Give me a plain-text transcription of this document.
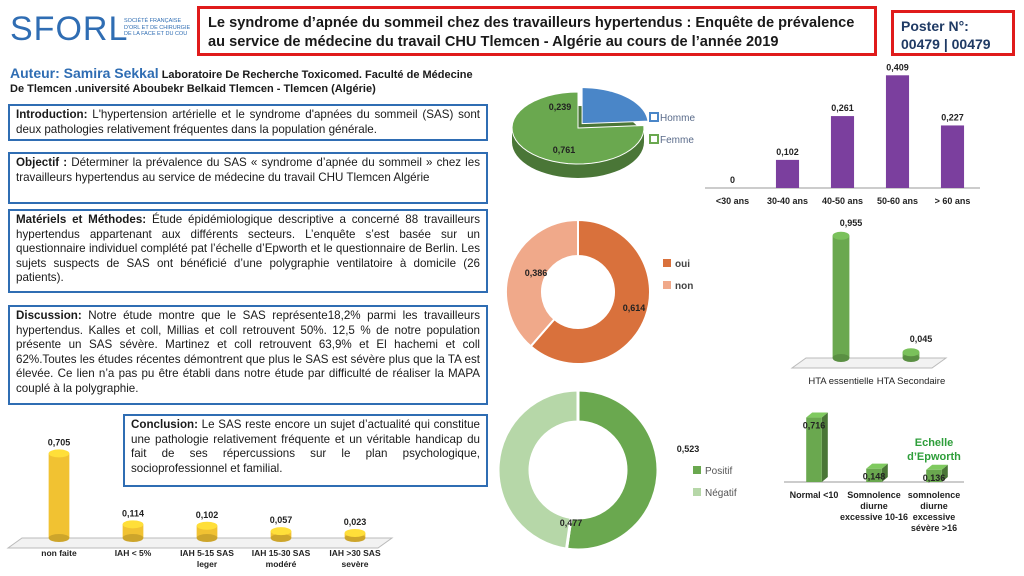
SFORL
SOCIÉTÉ FRANÇAISE
D'ORL ET DE CHIRURGIE
DE LA FACE ET DU COU
Le syndrome d’apnée du sommeil chez des travailleurs hypertendus : Enquête de prévalence au service de médecine du travail CHU Tlemcen - Algérie au cours de l’année 2019
Poster N°:
00479 | 00479
Auteur: Samira Sekkal Laboratoire De Recherche Toxicomed. Faculté de Médecine De Tlemcen .université Aboubekr Belkaid Tlemcen - Tlemcen (Algérie)
Introduction: L'hypertension artérielle et le syndrome d'apnées du sommeil (SAS) sont deux pathologies relativement fréquentes dans la population générale.
Objectif : Déterminer la prévalence du SAS « syndrome d’apnée du sommeil » chez les travailleurs hypertendus au service de médecine du travail CHU Tlemcen Algérie
Matériels et Méthodes: Étude épidémiologique descriptive a concerné 88 travailleurs hypertendus appartenant aux différents secteurs. L’enquête s’est basée sur un questionnaire individuel complété pat l’échelle d’Epworth et le questionnaire de Berlin. Les sujets suspects de SAS ont bénéficié d’une polygraphie ventilatoire à domicile (26 patients).
Discussion: Notre étude montre que le SAS représente18,2% parmi les travailleurs hypertendus. Kalles et coll, Millias et coll retrouvent 50%. 12,5 % de notre population présente un SAS sévère. Martinez et coll retrouvent 63,9% et El hachemi et coll 62%.Toutes les études récentes démontrent que plus le SAS est sévère plus que la TA est élevée. Ce lien n’a pas pu être établi dans notre étude par difficulté de réaliser la MAPA couplé à la polygraphie.
Conclusion: Le SAS reste encore un sujet d’actualité qui constitue une pathologie relativement fréquente et un véritable handicap du fait de ses répercussions sur le plan psychologique, socioprofessionnel et familial.
0,239
0,761
Homme
Femme
0
<30 ans
0,102
30-40 ans
0,261
40-50 ans
0,409
50-60 ans
0,227
> 60 ans
0,614
0,386
oui
non
0,955
HTA essentielle
0,045
HTA Secondaire
0,523
0,477
Positif
Négatif
0,716
Normal <10
0,148
Somnolence
diurne
excessive 10-16
0,136
somnolence
diurne
excessive
sévère >16
Echelle
d’Epworth
0,705
non faite
0,114
IAH < 5%
0,102
IAH 5-15 SAS
leger
0,057
IAH 15-30 SAS
modéré
0,023
IAH >30 SAS
sevère
